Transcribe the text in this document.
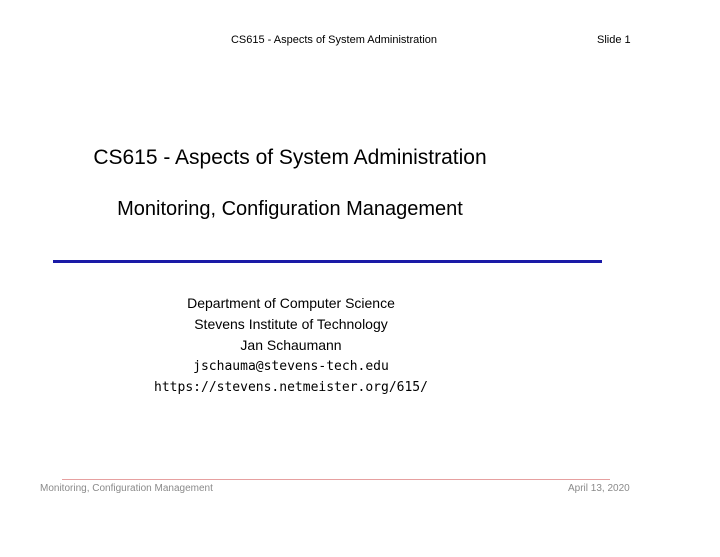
CS615 - Aspects of System Administration	Slide 1
CS615 - Aspects of System Administration
Monitoring, Configuration Management
Department of Computer Science
Stevens Institute of Technology
Jan Schaumann
jschauma@stevens-tech.edu
https://stevens.netmeister.org/615/
Monitoring, Configuration Management	April 13, 2020
